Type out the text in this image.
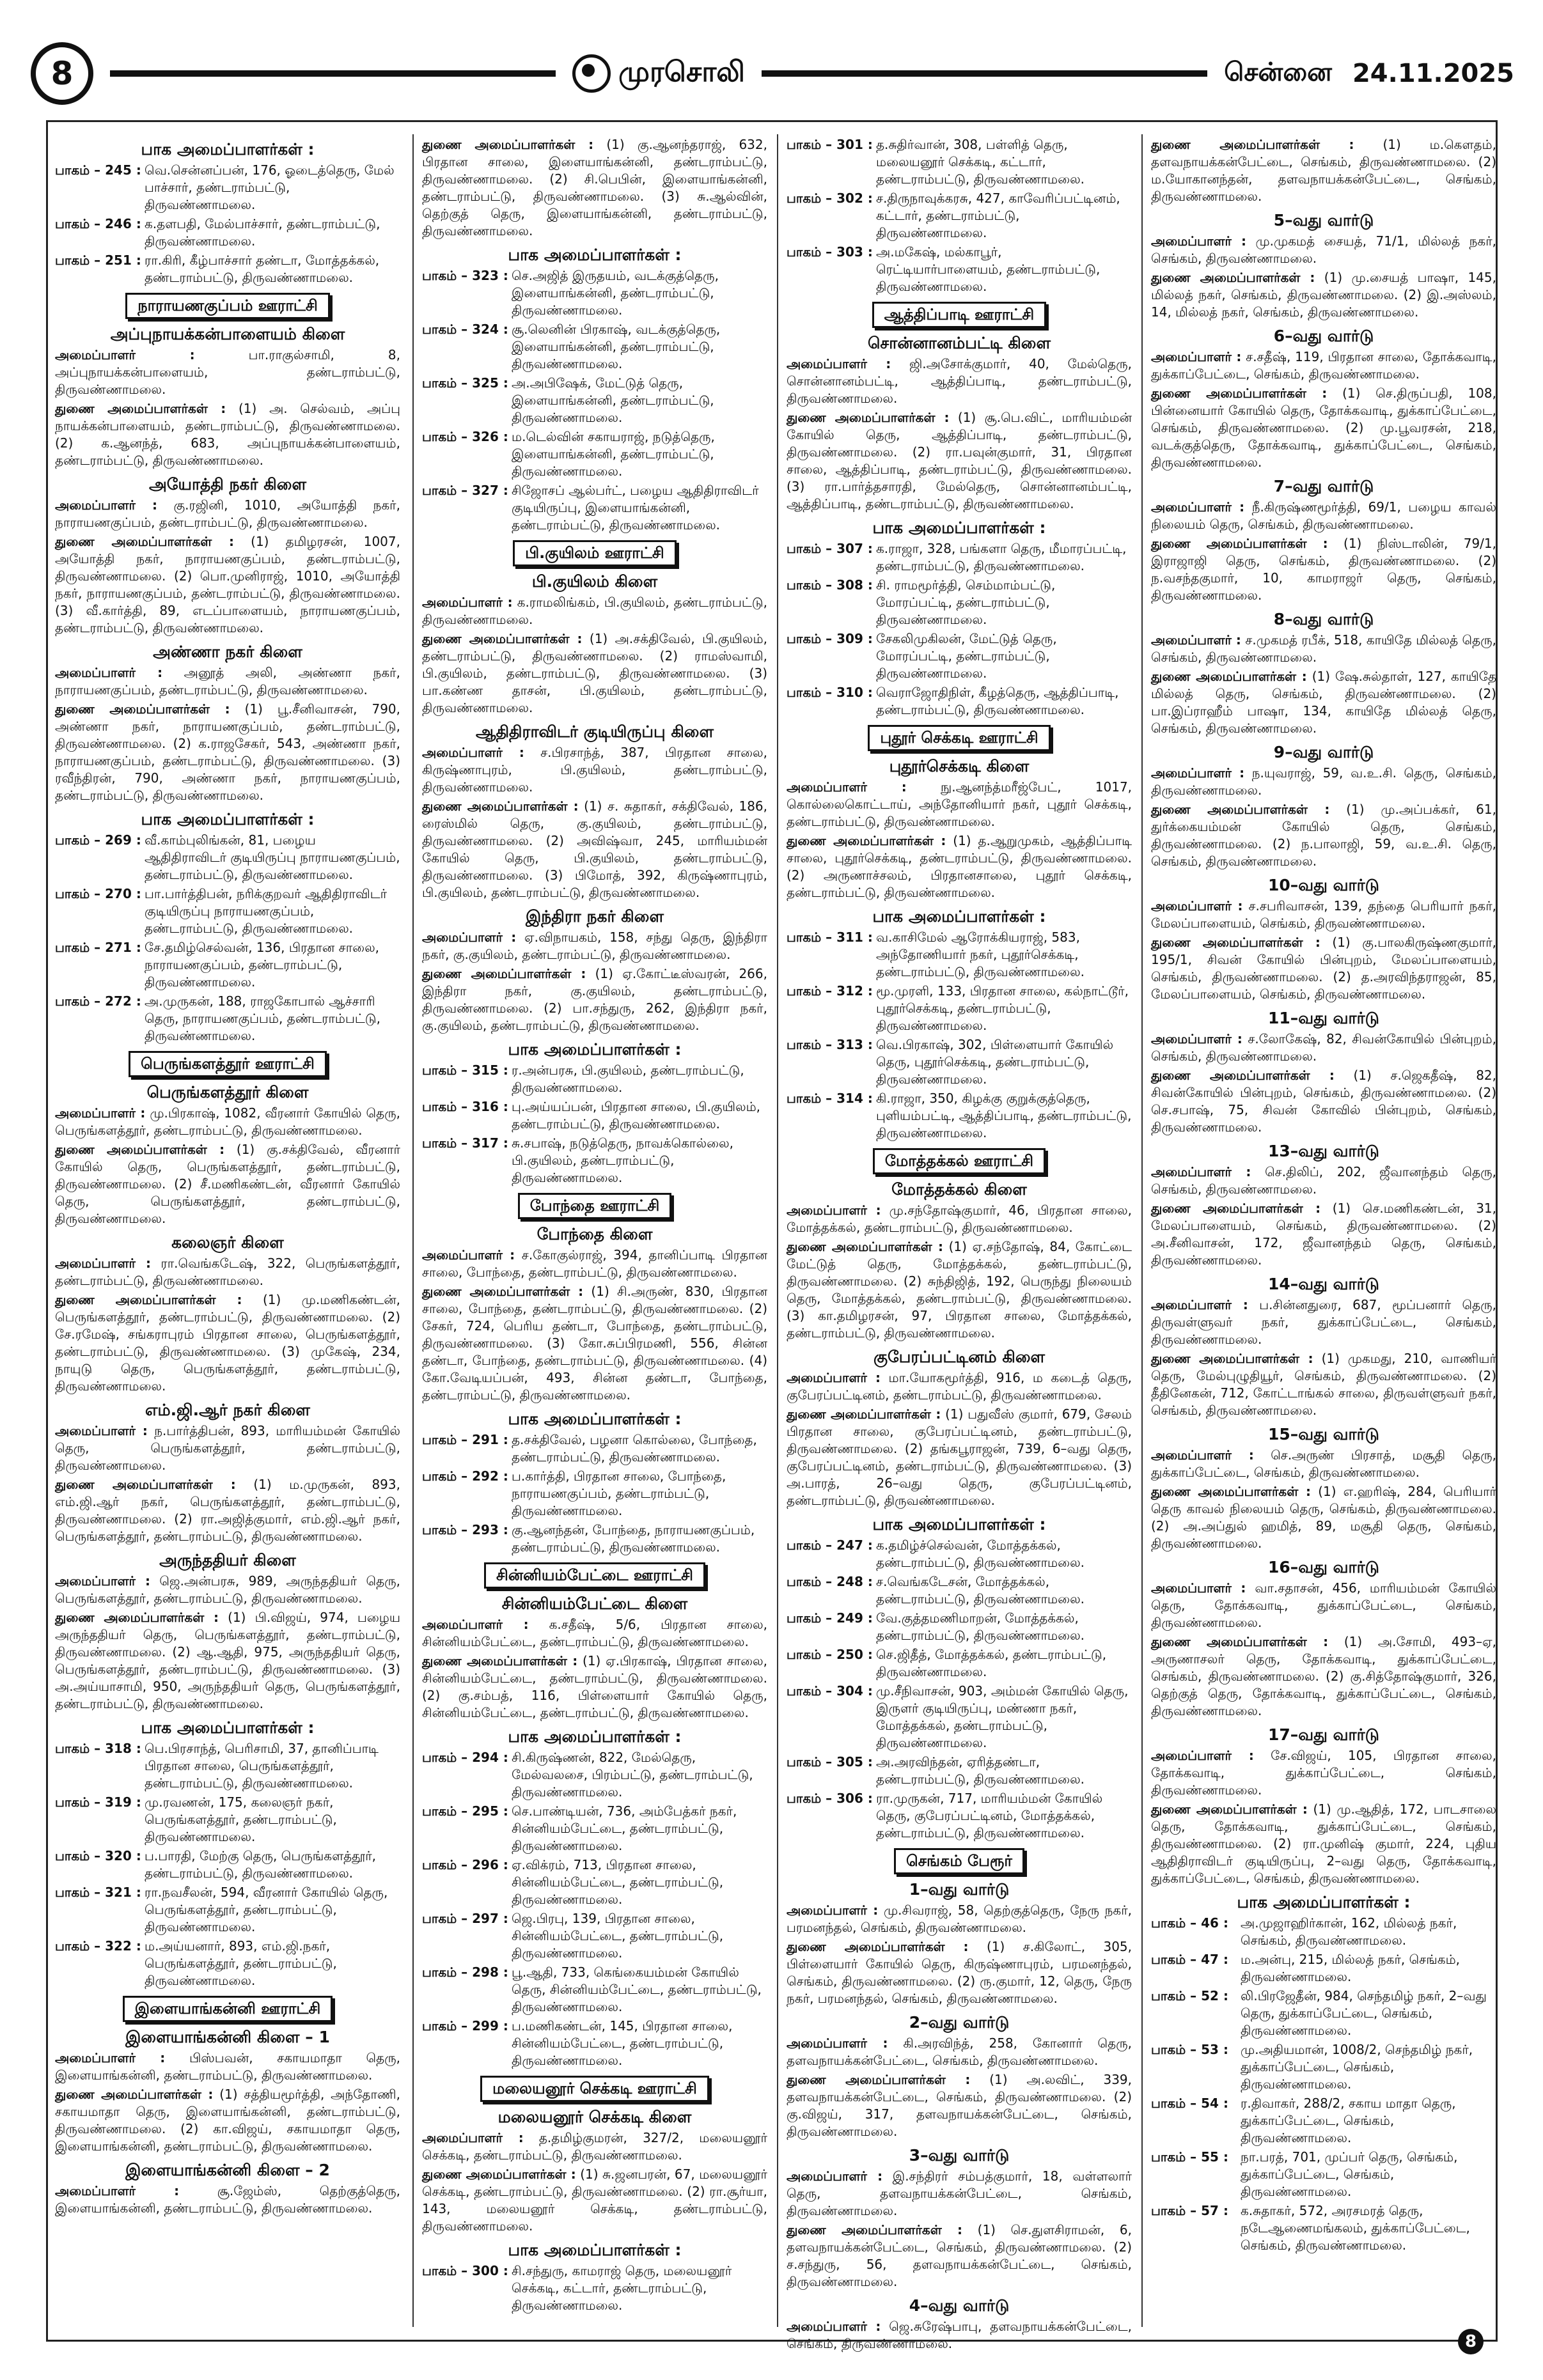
8	முரசொலி	சென்னை 24.11.2025
பாக அமைப்பாளர்கள் :
பாகம் – 245 : வெ.சென்னப்பன், 176, ஓடைத்தெரு, மேல் பாச்சார், தண்டராம்பட்டு, திருவண்ணாமலை.
பாகம் – 246 : க.தளபதி, மேல்பாச்சார், தண்டராம்பட்டு, திருவண்ணாமலை.
பாகம் – 251 : ரா.கிரி, கீழ்பாச்சார் தண்டா, மோத்தக்கல், தண்டராம்பட்டு, திருவண்ணாமலை.
நாராயணகுப்பம் ஊராட்சி
அப்புநாயக்கன்பாளையம் கிளை
அமைப்பாளர் :	பா.ராகுல்சாமி, 8, அப்புநாயக்கன்பாளையம், தண்டராம்பட்டு, திருவண்ணாமலை.
துணை அமைப்பாளர்கள் : (1) அ. செல்வம், அப்பு நாயக்கன்பாளையம், தண்டராம்பட்டு, திருவண்ணாமலை. (2) க.ஆனந்த், 683, அப்புநாயக்கன்பாளையம், தண்டராம்பட்டு, திருவண்ணாமலை.
அயோத்தி நகர் கிளை
அமைப்பாளர் : கு.ரஜினி, 1010, அயோத்தி நகர், நாராயணகுப்பம், தண்டராம்பட்டு, திருவண்ணாமலை.
துணை அமைப்பாளர்கள் : (1) தமிழரசன், 1007, அயோத்தி நகர், நாராயணகுப்பம், தண்டராம்பட்டு, திருவண்ணாமலை. (2) பொ.முனிராஜ், 1010, அயோத்தி நகர், நாராயணகுப்பம், தண்டராம்பட்டு, திருவண்ணாமலை. (3) வீ.கார்த்தி, 89, எடப்பாளையம், நாராயணகுப்பம், தண்டராம்பட்டு, திருவண்ணாமலை.
அண்ணா நகர் கிளை
அமைப்பாளர் : அனூத் அலி, அண்ணா நகர், நாராயணகுப்பம், தண்டராம்பட்டு, திருவண்ணாமலை.
துணை அமைப்பாளர்கள் : (1) பூ.சீனிவாசன், 790, அண்ணா நகர், நாராயணகுப்பம், தண்டராம்பட்டு, திருவண்ணாமலை. (2) க.ராஜசேகர், 543, அண்ணா நகர், நாராயணகுப்பம், தண்டராம்பட்டு, திருவண்ணாமலை. (3) ரவீந்திரன், 790, அண்ணா நகர், நாராயணகுப்பம், தண்டராம்பட்டு, திருவண்ணாமலை.
பாக அமைப்பாளர்கள் :
பாகம் – 269 : வீ.காம்புலிங்கன், 81, பழைய ஆதிதிராவிடர் குடியிருப்பு நாராயணகுப்பம், தண்டராம்பட்டு, திருவண்ணாமலை.
பாகம் – 270 : பா.பார்த்திபன், நரிக்குறவர் ஆதிதிராவிடர் குடியிருப்பு நாராயணகுப்பம், தண்டராம்பட்டு, திருவண்ணாமலை.
பாகம் – 271 : சே.தமிழ்செல்வன், 136, பிரதான சாலை, நாராயணகுப்பம், தண்டராம்பட்டு, திருவண்ணாமலை.
பாகம் – 272 : அ.முருகன், 188, ராஜகோபால் ஆச்சாரி தெரு, நாராயணகுப்பம், தண்டராம்பட்டு, திருவண்ணாமலை.
பெருங்களத்தூர் ஊராட்சி
பெருங்களத்தூர் கிளை
அமைப்பாளர் : மு.பிரகாஷ், 1082, வீரனார் கோயில் தெரு, பெருங்களத்தூர், தண்டராம்பட்டு, திருவண்ணாமலை.
துணை அமைப்பாளர்கள் : (1) கு.சக்திவேல், வீரனார் கோயில் தெரு, பெருங்களத்தூர், தண்டராம்பட்டு, திருவண்ணாமலை. (2) சீ.மணிகண்டன், வீரனார் கோயில் தெரு, பெருங்களத்தூர், தண்டராம்பட்டு, திருவண்ணாமலை.
கலைஞர் கிளை
அமைப்பாளர் : ரா.வெங்கடேஷ், 322, பெருங்களத்தூர், தண்டராம்பட்டு, திருவண்ணாமலை.
துணை அமைப்பாளர்கள் : (1) மு.மணிகண்டன், பெருங்களத்தூர், தண்டராம்பட்டு, திருவண்ணாமலை. (2) சே.ரமேஷ், சங்கராபுரம் பிரதான சாலை, பெருங்களத்தூர், தண்டராம்பட்டு, திருவண்ணாமலை. (3) முகேஷ், 234, நாயுடு தெரு, பெருங்களத்தூர், தண்டராம்பட்டு, திருவண்ணாமலை.
எம்.ஜி.ஆர் நகர் கிளை
அமைப்பாளர் : ந.பார்த்திபன், 893, மாரியம்மன் கோயில் தெரு, பெருங்களத்தூர், தண்டராம்பட்டு, திருவண்ணாமலை.
துணை அமைப்பாளர்கள் : (1) ம.முருகன், 893, எம்.ஜி.ஆர் நகர், பெருங்களத்தூர், தண்டராம்பட்டு, திருவண்ணாமலை. (2) ரா.அஜித்குமார், எம்.ஜி.ஆர் நகர், பெருங்களத்தூர், தண்டராம்பட்டு, திருவண்ணாமலை.
அருந்ததியர் கிளை
அமைப்பாளர் : ஜெ.அன்பரசு, 989, அருந்ததியர் தெரு, பெருங்களத்தூர், தண்டராம்பட்டு, திருவண்ணாமலை.
துணை அமைப்பாளர்கள் : (1) பி.விஜய், 974, பழைய அருந்ததியர் தெரு, பெருங்களத்தூர், தண்டராம்பட்டு, திருவண்ணாமலை. (2) ஆ.ஆதி, 975, அருந்ததியர் தெரு, பெருங்களத்தூர், தண்டராம்பட்டு, திருவண்ணாமலை. (3) அ.அய்யாசாமி, 950, அருந்ததியர் தெரு, பெருங்களத்தூர், தண்டராம்பட்டு, திருவண்ணாமலை.
பாக அமைப்பாளர்கள் :
பாகம் – 318 : பெ.பிரசாந்த், பெரிசாமி, 37, தானிப்பாடி பிரதான சாலை, பெருங்களத்தூர், தண்டராம்பட்டு, திருவண்ணாமலை.
பாகம் – 319 : மு.ரவணன், 175, கலைஞர் நகர், பெருங்களத்தூர், தண்டராம்பட்டு, திருவண்ணாமலை.
பாகம் – 320 : ப.பாரதி, மேற்கு தெரு, பெருங்களத்தூர், தண்டராம்பட்டு, திருவண்ணாமலை.
பாகம் – 321 : ரா.நவசீலன், 594, வீரனார் கோயில் தெரு, பெருங்களத்தூர், தண்டராம்பட்டு, திருவண்ணாமலை.
பாகம் – 322 : ம.அய்யனார், 893, எம்.ஜி.நகர், பெருங்களத்தூர், தண்டராம்பட்டு, திருவண்ணாமலை.
இளையாங்கன்னி ஊராட்சி
இளையாங்கன்னி கிளை – 1
அமைப்பாளர் : பிஸ்பவன், சகாயமாதா தெரு, இளையாங்கன்னி, தண்டராம்பட்டு, திருவண்ணாமலை.
துணை அமைப்பாளர்கள் : (1) சத்தியமூர்த்தி, அந்தோணி, சகாயமாதா தெரு, இளையாங்கன்னி, தண்டராம்பட்டு, திருவண்ணாமலை. (2) கா.விஜய், சகாயமாதா தெரு, இளையாங்கன்னி, தண்டராம்பட்டு, திருவண்ணாமலை.
இளையாங்கன்னி கிளை – 2
அமைப்பாளர் :	சூ.ஜேம்ஸ், தெற்குத்தெரு, இளையாங்கன்னி, தண்டராம்பட்டு, திருவண்ணாமலை.
துணை அமைப்பாளர்கள் : (1) கு.ஆனந்தராஜ், 632, பிரதான சாலை, இளையாங்கன்னி, தண்டராம்பட்டு, திருவண்ணாமலை. (2) சி.பெபின், இளையாங்கன்னி, தண்டராம்பட்டு, திருவண்ணாமலை. (3) சு.ஆல்வின், தெற்குத் தெரு, இளையாங்கன்னி, தண்டராம்பட்டு, திருவண்ணாமலை.
பாக அமைப்பாளர்கள் :
பாகம் – 323 : செ.அஜித் இருதயம், வடக்குத்தெரு, இளையாங்கன்னி, தண்டராம்பட்டு, திருவண்ணாமலை.
பாகம் – 324 : சூ.லெனின் பிரகாஷ், வடக்குத்தெரு, இளையாங்கன்னி, தண்டராம்பட்டு, திருவண்ணாமலை.
பாகம் – 325 : அ.அபிஷேக், மேட்டுத் தெரு, இளையாங்கன்னி, தண்டராம்பட்டு, திருவண்ணாமலை.
பாகம் – 326 : ம.டெல்வின் சகாயராஜ், நடுத்தெரு, இளையாங்கன்னி, தண்டராம்பட்டு, திருவண்ணாமலை.
பாகம் – 327 : சிஜோசப் ஆல்பர்ட், பழைய ஆதிதிராவிடர் குடியிருப்பு, இளையாங்கன்னி, தண்டராம்பட்டு, திருவண்ணாமலை.
பி.குயிலம் ஊராட்சி
பி.குயிலம் கிளை
அமைப்பாளர் : க.ராமலிங்கம், பி.குயிலம், தண்டராம்பட்டு, திருவண்ணாமலை.
துணை அமைப்பாளர்கள் : (1) அ.சக்திவேல், பி.குயிலம், தண்டராம்பட்டு, திருவண்ணாமலை. (2) ராமஸ்வாமி, பி.குயிலம், தண்டராம்பட்டு, திருவண்ணாமலை. (3) பா.கண்ண தாசன், பி.குயிலம், தண்டராம்பட்டு, திருவண்ணாமலை.
ஆதிதிராவிடர் குடியிருப்பு கிளை
அமைப்பாளர் : ச.பிரசாந்த், 387, பிரதான சாலை, கிருஷ்ணாபுரம், பி.குயிலம், தண்டராம்பட்டு, திருவண்ணாமலை.
துணை அமைப்பாளர்கள் : (1) ச. சுதாகர், சக்திவேல், 186, ரைஸ்மில் தெரு, கு.குயிலம், தண்டராம்பட்டு, திருவண்ணாமலை. (2) அவிஷ்வா, 245, மாரியம்மன் கோயில் தெரு, பி.குயிலம், தண்டராம்பட்டு, திருவண்ணாமலை. (3) பிமோத், 392, கிருஷ்ணாபுரம், பி.குயிலம், தண்டராம்பட்டு, திருவண்ணாமலை.
இந்திரா நகர் கிளை
அமைப்பாளர் : ஏ.விநாயகம், 158, சந்து தெரு, இந்திரா நகர், கு.குயிலம், தண்டராம்பட்டு, திருவண்ணாமலை.
துணை அமைப்பாளர்கள் : (1) ஏ.கோட்டீஸ்வரன், 266, இந்திரா நகர், கு.குயிலம், தண்டராம்பட்டு, திருவண்ணாமலை. (2) பா.சந்துரு, 262, இந்திரா நகர், கு.குயிலம், தண்டராம்பட்டு, திருவண்ணாமலை.
பாக அமைப்பாளர்கள் :
பாகம் – 315 : ர.அன்பரசு, பி.குயிலம், தண்டராம்பட்டு, திருவண்ணாமலை.
பாகம் – 316 : பு.அய்யப்பன், பிரதான சாலை, பி.குயிலம், தண்டராம்பட்டு, திருவண்ணாமலை.
பாகம் – 317 : சு.சபாஷ், நடுத்தெரு, நாவக்கொல்லை, பி.குயிலம், தண்டராம்பட்டு, திருவண்ணாமலை.
போந்தை ஊராட்சி
போந்தை கிளை
அமைப்பாளர் : ச.கோகுல்ராஜ், 394, தானிப்பாடி பிரதான சாலை, போந்தை, தண்டராம்பட்டு, திருவண்ணாமலை.
துணை அமைப்பாளர்கள் : (1) சி.அருண், 830, பிரதான சாலை, போந்தை, தண்டராம்பட்டு, திருவண்ணாமலை. (2) சேகர், 724, பெரிய தண்டா, போந்தை, தண்டராம்பட்டு, திருவண்ணாமலை. (3) கோ.சுப்பிரமணி, 556, சின்ன தண்டா, போந்தை, தண்டராம்பட்டு, திருவண்ணாமலை. (4) கோ.வேடியப்பன், 493, சின்ன தண்டா, போந்தை, தண்டராம்பட்டு, திருவண்ணாமலை.
பாக அமைப்பாளர்கள் :
பாகம் – 291 : த.சக்திவேல், பழனா கொல்லை, போந்தை, தண்டராம்பட்டு, திருவண்ணாமலை.
பாகம் – 292 : ப.கார்த்தி, பிரதான சாலை, போந்தை, நாராயணகுப்பம், தண்டராம்பட்டு, திருவண்ணாமலை.
பாகம் – 293 : கு.ஆனந்தன், போந்தை, நாராயணகுப்பம், தண்டராம்பட்டு, திருவண்ணாமலை.
சின்னியம்பேட்டை ஊராட்சி
சின்னியம்பேட்டை கிளை
அமைப்பாளர் : க.சதீஷ், 5/6, பிரதான சாலை, சின்னியம்பேட்டை, தண்டராம்பட்டு, திருவண்ணாமலை.
துணை அமைப்பாளர்கள் : (1) ஏ.பிரகாஷ், பிரதான சாலை, சின்னியம்பேட்டை, தண்டராம்பட்டு, திருவண்ணாமலை. (2) கு.சம்பத், 116, பிள்ளையார் கோயில் தெரு, சின்னியம்பேட்டை, தண்டராம்பட்டு, திருவண்ணாமலை.
பாக அமைப்பாளர்கள் :
பாகம் – 294 : சி.கிருஷ்ணன், 822, மேல்தெரு, மேல்வலசை, பிரம்பட்டு, தண்டராம்பட்டு, திருவண்ணாமலை.
பாகம் – 295 : செ.பாண்டியன், 736, அம்பேத்கர் நகர், சின்னியம்பேட்டை, தண்டராம்பட்டு, திருவண்ணாமலை.
பாகம் – 296 : ஏ.விக்ரம், 713, பிரதான சாலை, சின்னியம்பேட்டை, தண்டராம்பட்டு, திருவண்ணாமலை.
பாகம் – 297 : ஜெ.பிரபு, 139, பிரதான சாலை, சின்னியம்பேட்டை, தண்டராம்பட்டு, திருவண்ணாமலை.
பாகம் – 298 : பூ.ஆதி, 733, கெங்கையம்மன் கோயில் தெரு, சின்னியம்பேட்டை, தண்டராம்பட்டு, திருவண்ணாமலை.
பாகம் – 299 : ப.மணிகண்டன், 145, பிரதான சாலை, சின்னியம்பேட்டை, தண்டராம்பட்டு, திருவண்ணாமலை.
மலையனூர் செக்கடி ஊராட்சி
மலையனூர் செக்கடி கிளை
அமைப்பாளர் : த.தமிழ்குமரன், 327/2, மலையனூர் செக்கடி, தண்டராம்பட்டு, திருவண்ணாமலை.
துணை அமைப்பாளர்கள் : (1) சு.ஜனபரன், 67, மலையனூர் செக்கடி, தண்டராம்பட்டு, திருவண்ணாமலை. (2) ரா.சூர்யா, 143, மலையனூர் செக்கடி, தண்டராம்பட்டு, திருவண்ணாமலை.
பாக அமைப்பாளர்கள் :
பாகம் – 300 : சி.சந்துரு, காமராஜ் தெரு, மலையனூர் செக்கடி, கட்டார், தண்டராம்பட்டு, திருவண்ணாமலை.
பாகம் – 301 : த.சுதிர்வான், 308, பள்ளித் தெரு, மலையனூர் செக்கடி, கட்டார், தண்டராம்பட்டு, திருவண்ணாமலை.
பாகம் – 302 : ச.திருநாவுக்கரசு, 427, காவேரிப்பட்டினம், கட்டார், தண்டராம்பட்டு, திருவண்ணாமலை.
பாகம் – 303 : அ.மகேஷ், மல்காபூர், ரெட்டியார்பாளையம், தண்டராம்பட்டு, திருவண்ணாமலை.
ஆத்திப்பாடி ஊராட்சி
சொன்னானம்பட்டி கிளை
அமைப்பாளர் : ஜி.அசோக்குமார், 40, மேல்தெரு, சொன்னானம்பட்டி, ஆத்திப்பாடி, தண்டராம்பட்டு, திருவண்ணாமலை.
துணை அமைப்பாளர்கள் : (1) சூ.பெ.விட், மாரியம்மன் கோயில் தெரு, ஆத்திப்பாடி, தண்டராம்பட்டு, திருவண்ணாமலை. (2) ரா.பவுன்குமார், 31, பிரதான சாலை, ஆத்திப்பாடி, தண்டராம்பட்டு, திருவண்ணாமலை. (3) ரா.பார்த்தசாரதி, மேல்தெரு, சொன்னானம்பட்டி, ஆத்திப்பாடி, தண்டராம்பட்டு, திருவண்ணாமலை.
பாக அமைப்பாளர்கள் :
பாகம் – 307 : க.ராஜா, 328, பங்களா தெரு, மீமாரப்பட்டி, தண்டராம்பட்டு, திருவண்ணாமலை.
பாகம் – 308 : சி. ராமமூர்த்தி, செம்மாம்பட்டு, மோரப்பட்டி, தண்டராம்பட்டு, திருவண்ணாமலை.
பாகம் – 309 : சேகலிமுகிலன், மேட்டுத் தெரு, மோரப்பட்டி, தண்டராம்பட்டு, திருவண்ணாமலை.
பாகம் – 310 : வெராஜோதிநிள், கீழத்தெரு, ஆத்திப்பாடி, தண்டராம்பட்டு, திருவண்ணாமலை.
புதூர் செக்கடி ஊராட்சி
புதூர்செக்கடி கிளை
அமைப்பாளர் :	நு.ஆனந்த்மரீஜ்பேட், 1017, கொல்லைகொட்டாய், அந்தோனியார் நகர், புதூர் செக்கடி, தண்டராம்பட்டு, திருவண்ணாமலை.
துணை அமைப்பாளர்கள் : (1) த.ஆறுமுகம், ஆத்திப்பாடி சாலை, புதூர்செக்கடி, தண்டராம்பட்டு, திருவண்ணாமலை. (2) அருணாச்சலம், பிரதானசாலை, புதூர் செக்கடி, தண்டராம்பட்டு, திருவண்ணாமலை.
பாக அமைப்பாளர்கள் :
பாகம் – 311 : வ.காசிமேல் ஆரோக்கியராஜ், 583, அந்தோணியார் நகர், புதூர்செக்கடி, தண்டராம்பட்டு, திருவண்ணாமலை.
பாகம் – 312 : மூ.முரளி, 133, பிரதான சாலை, கல்நாட்டூர், புதூர்செக்கடி, தண்டராம்பட்டு, திருவண்ணாமலை.
பாகம் – 313 : வெ.பிரகாஷ், 302, பிள்ளையார் கோயில் தெரு, புதூர்செக்கடி, தண்டராம்பட்டு, திருவண்ணாமலை.
பாகம் – 314 : கி.ராஜா, 350, கிழக்கு குறுக்குத்தெரு, புளியம்பட்டி, ஆத்திப்பாடி, தண்டராம்பட்டு, திருவண்ணாமலை.
மோத்தக்கல் ஊராட்சி
மோத்தக்கல் கிளை
அமைப்பாளர் : மு.சந்தோஷ்குமார், 46, பிரதான சாலை, மோத்தக்கல், தண்டராம்பட்டு, திருவண்ணாமலை.
துணை அமைப்பாளர்கள் : (1) ஏ.சந்தோஷ், 84, கோட்டை மேட்டுத் தெரு, மோத்தக்கல், தண்டராம்பட்டு, திருவண்ணாமலை. (2) சுந்திஜித், 192, பெருந்து நிலையம் தெரு, மோத்தக்கல், தண்டராம்பட்டு, திருவண்ணாமலை. (3) கா.தமிழரசன், 97, பிரதான சாலை, மோத்தக்கல், தண்டராம்பட்டு, திருவண்ணாமலை.
குபேரப்பட்டினம் கிளை
அமைப்பாளர் : மா.யோகமூர்த்தி, 916, ம கடைத் தெரு, குபேரப்பட்டினம், தண்டராம்பட்டு, திருவண்ணாமலை.
துணை அமைப்பாளர்கள் : (1) பதுவீஸ் குமார், 679, சேலம் பிரதான சாலை, குபேரப்பட்டினம், தண்டராம்பட்டு, திருவண்ணாமலை. (2) தங்கபூராஜன், 739, 6–வது தெரு, குபேரப்பட்டினம், தண்டராம்பட்டு, திருவண்ணாமலை. (3) அ.பாரத், 26–வது தெரு, குபேரப்பட்டினம், தண்டராம்பட்டு, திருவண்ணாமலை.
பாக அமைப்பாளர்கள் :
பாகம் – 247 : க.தமிழ்ச்செல்வன், மோத்தக்கல், தண்டராம்பட்டு, திருவண்ணாமலை.
பாகம் – 248 : ச.வெங்கடேசன், மோத்தக்கல், தண்டராம்பட்டு, திருவண்ணாமலை.
பாகம் – 249 : வே.குத்தமணிமாறன், மோத்தக்கல், தண்டராம்பட்டு, திருவண்ணாமலை.
பாகம் – 250 : செ.ஜிதீத், மோத்தக்கல், தண்டராம்பட்டு, திருவண்ணாமலை.
பாகம் – 304 : மு.சீநிவாசன், 903, அம்மன் கோயில் தெரு, இருளர் குடியிருப்பு, மண்ணா நகர், மோத்தக்கல், தண்டராம்பட்டு, திருவண்ணாமலை.
பாகம் – 305 : அ.அரவிந்தன், ஏரித்தண்டா, தண்டராம்பட்டு, திருவண்ணாமலை.
பாகம் – 306 : ரா.முருகன், 717, மாரியம்மன் கோயில் தெரு, குபேரப்பட்டினம், மோத்தக்கல், தண்டராம்பட்டு, திருவண்ணாமலை.
செங்கம் பேரூர்
1–வது வார்டு
அமைப்பாளர் : மு.சிவராஜ், 58, தெற்குத்தெரு, நேரு நகர், பரமனந்தல், செங்கம், திருவண்ணாமலை.
துணை அமைப்பாளர்கள் : (1) ச.கிலோட், 305, பிள்ளையார் கோயில் தெரு, கிருஷ்ணாபுரம், பரமனந்தல், செங்கம், திருவண்ணாமலை. (2) ரு.குமார், 12, தெரு, நேரு நகர், பரமனந்தல், செங்கம், திருவண்ணாமலை.
2–வது வார்டு
அமைப்பாளர் : கி.அரவிந்த், 258, கோனார் தெரு, தளவநாயக்கன்பேட்டை, செங்கம், திருவண்ணாமலை.
துணை அமைப்பாளர்கள் : (1) அ.லவிட், 339, தளவநாயக்கன்பேட்டை, செங்கம், திருவண்ணாமலை. (2) கு.விஜய், 317, தளவநாயக்கன்பேட்டை, செங்கம், திருவண்ணாமலை.
3–வது வார்டு
அமைப்பாளர் : இ.சந்திரர் சம்பத்குமார், 18, வள்ளலார் தெரு, தளவநாயக்கன்பேட்டை, செங்கம், திருவண்ணாமலை.
துணை அமைப்பாளர்கள் : (1) செ.துளசிராமன், 6, தளவநாயக்கன்பேட்டை, செங்கம், திருவண்ணாமலை. (2) ச.சந்துரு, 56, தளவநாயக்கன்பேட்டை, செங்கம், திருவண்ணாமலை.
4–வது வார்டு
அமைப்பாளர் : ஜெ.சுரேஷ்பாபு, தளவநாயக்கன்பேட்டை, செங்கம், திருவண்ணாமலை.
துணை அமைப்பாளர்கள் : (1) ம.கௌதம், தளவநாயக்கன்பேட்டை, செங்கம், திருவண்ணாமலை. (2) ம.யோகானந்தன், தளவநாயக்கன்பேட்டை, செங்கம், திருவண்ணாமலை.
5–வது வார்டு
அமைப்பாளர் : மு.முகமத் சையத், 71/1, மில்லத் நகர், செங்கம், திருவண்ணாமலை.
துணை அமைப்பாளர்கள் : (1) மு.சையத் பாஷா, 145, மில்லத் நகர், செங்கம், திருவண்ணாமலை. (2) இ.அஸ்லம், 14, மில்லத் நகர், செங்கம், திருவண்ணாமலை.
6–வது வார்டு
அமைப்பாளர் : ச.சதீஷ், 119, பிரதான சாலை, தோக்கவாடி, துக்காப்பேட்டை, செங்கம், திருவண்ணாமலை.
துணை அமைப்பாளர்கள் : (1) செ.திருப்பதி, 108, பின்னையார் கோயில் தெரு, தோக்கவாடி, துக்காப்பேட்டை, செங்கம், திருவண்ணாமலை. (2) மு.பூவரசன், 218, வடக்குத்தெரு, தோக்கவாடி, துக்காப்பேட்டை, செங்கம், திருவண்ணாமலை.
7–வது வார்டு
அமைப்பாளர் : நீ.கிருஷ்ணமூர்த்தி, 69/1, பழைய காவல் நிலையம் தெரு, செங்கம், திருவண்ணாமலை.
துணை அமைப்பாளர்கள் : (1) நிஸ்டாலின், 79/1, இராஜாஜி தெரு, செங்கம், திருவண்ணாமலை. (2) ந.வசந்தகுமார், 10, காமராஜர் தெரு, செங்கம், திருவண்ணாமலை.
8–வது வார்டு
அமைப்பாளர் : ச.முகமத் ரபீக், 518, காயிதே மில்லத் தெரு, செங்கம், திருவண்ணாமலை.
துணை அமைப்பாளர்கள் : (1) ஷே.சுல்தாள், 127, காயிதே மில்லத் தெரு, செங்கம், திருவண்ணாமலை. (2) பா.இப்ராஹீம் பாஷா, 134, காயிதே மில்லத் தெரு, செங்கம், திருவண்ணாமலை.
9–வது வார்டு
அமைப்பாளர் : ந.யுவராஜ், 59, வ.உ.சி. தெரு, செங்கம், திருவண்ணாமலை.
துணை அமைப்பாளர்கள் : (1) மு.அப்பக்கர், 61, துர்க்கையம்மன் கோயில் தெரு, செங்கம், திருவண்ணாமலை. (2) ந.பாலாஜி, 59, வ.உ.சி. தெரு, செங்கம், திருவண்ணாமலை.
10–வது வார்டு
அமைப்பாளர் : ச.சபரிவாசன், 139, தந்தை பெரியார் நகர், மேலப்பாளையம், செங்கம், திருவண்ணாமலை.
துணை அமைப்பாளர்கள் : (1) கு.பாலகிருஷ்ணகுமார், 195/1, சிவன் கோயில் பின்புறம், மேலப்பாளையம், செங்கம், திருவண்ணாமலை. (2) த.அரவிந்தராஜன், 85, மேலப்பாளையம், செங்கம், திருவண்ணாமலை.
11–வது வார்டு
அமைப்பாளர் : ச.லோகேஷ், 82, சிவன்கோயில் பின்புறம், செங்கம், திருவண்ணாமலை.
துணை அமைப்பாளர்கள் : (1) ச.ஜெகதீஷ், 82, சிவன்கோயில் பின்புறம், செங்கம், திருவண்ணாமலை. (2) செ.சபாஷ், 75, சிவன் கோவில் பின்புறம், செங்கம், திருவண்ணாமலை.
13–வது வார்டு
அமைப்பாளர் : செ.திலிப், 202, ஜீவானந்தம் தெரு, செங்கம், திருவண்ணாமலை.
துணை அமைப்பாளர்கள் : (1) செ.மணிகண்டன், 31, மேலப்பாளையம், செங்கம், திருவண்ணாமலை. (2) அ.சீனிவாசன், 172, ஜீவானந்தம் தெரு, செங்கம், திருவண்ணாமலை.
14–வது வார்டு
அமைப்பாளர் : ப.சின்னதுரை, 687, மூப்பனார் தெரு, திருவள்ளுவர் நகர், துக்காப்பேட்டை, செங்கம், திருவண்ணாமலை.
துணை அமைப்பாளர்கள் : (1) முகமது, 210, வாணியர் தெரு, மேல்புழுதியூர், செங்கம், திருவண்ணாமலை. (2) தீதினேகன், 712, கோட்டாங்கல் சாலை, திருவள்ளுவர் நகர், செங்கம், திருவண்ணாமலை.
15–வது வார்டு
அமைப்பாளர் : செ.அருண் பிரசாத், மசூதி தெரு, துக்காப்பேட்டை, செங்கம், திருவண்ணாமலை.
துணை அமைப்பாளர்கள் : (1) எ.ஹரிஷ், 284, பெரியார் தெரு காவல் நிலையம் தெரு, செங்கம், திருவண்ணாமலை. (2) அ.அப்துல் ஹமித், 89, மசூதி தெரு, செங்கம், திருவண்ணாமலை.
16–வது வார்டு
அமைப்பாளர் : வா.சதாசன், 456, மாரியம்மன் கோயில் தெரு, தோக்கவாடி, துக்காப்பேட்டை, செங்கம், திருவண்ணாமலை.
துணை அமைப்பாளர்கள் : (1) அ.சோமி, 493–ஏ, அருணாசலர் தெரு, தோக்கவாடி, துக்காப்பேட்டை, செங்கம், திருவண்ணாமலை. (2) கு.சித்தோஷ்குமார், 326, தெற்குத் தெரு, தோக்கவாடி, துக்காப்பேட்டை, செங்கம், திருவண்ணாமலை.
17–வது வார்டு
அமைப்பாளர் : சே.விஜய், 105, பிரதான சாலை, தோக்கவாடி, துக்காப்பேட்டை, செங்கம், திருவண்ணாமலை.
துணை அமைப்பாளர்கள் : (1) மு.ஆதித், 172, பாடசாலை தெரு, தோக்கவாடி, துக்காப்பேட்டை, செங்கம், திருவண்ணாமலை. (2) ரா.முனிஷ் குமார், 224, புதிய ஆதிதிராவிடர் குடியிருப்பு, 2–வது தெரு, தோக்கவாடி, துக்காப்பேட்டை, செங்கம், திருவண்ணாமலை.
பாக அமைப்பாளர்கள் :
பாகம் – 46 : அ.முஜாஹிர்கான், 162, மில்லத் நகர், செங்கம், திருவண்ணாமலை.
பாகம் – 47 : ம.அன்பு, 215, மில்லத் நகர், செங்கம், திருவண்ணாமலை.
பாகம் – 52 : லி.பிரஜேதீன், 984, செந்தமிழ் நகர், 2–வது தெரு, துக்காப்பேட்டை, செங்கம், திருவண்ணாமலை.
பாகம் – 53 : மு.அதியமான், 1008/2, செந்தமிழ் நகர், துக்காப்பேட்டை, செங்கம், திருவண்ணாமலை.
பாகம் – 54 : ர.திவாகர், 288/2, சகாய மாதா தெரு, துக்காப்பேட்டை, செங்கம், திருவண்ணாமலை.
பாகம் – 55 : நா.பரத், 701, முப்பர் தெரு, செங்கம், துக்காப்பேட்டை, செங்கம், திருவண்ணாமலை.
பாகம் – 57 : க.சுதாகர், 572, அரசமரத் தெரு, நடேஆணைமங்கலம், துக்காப்பேட்டை, செங்கம், திருவண்ணாமலை.
8
